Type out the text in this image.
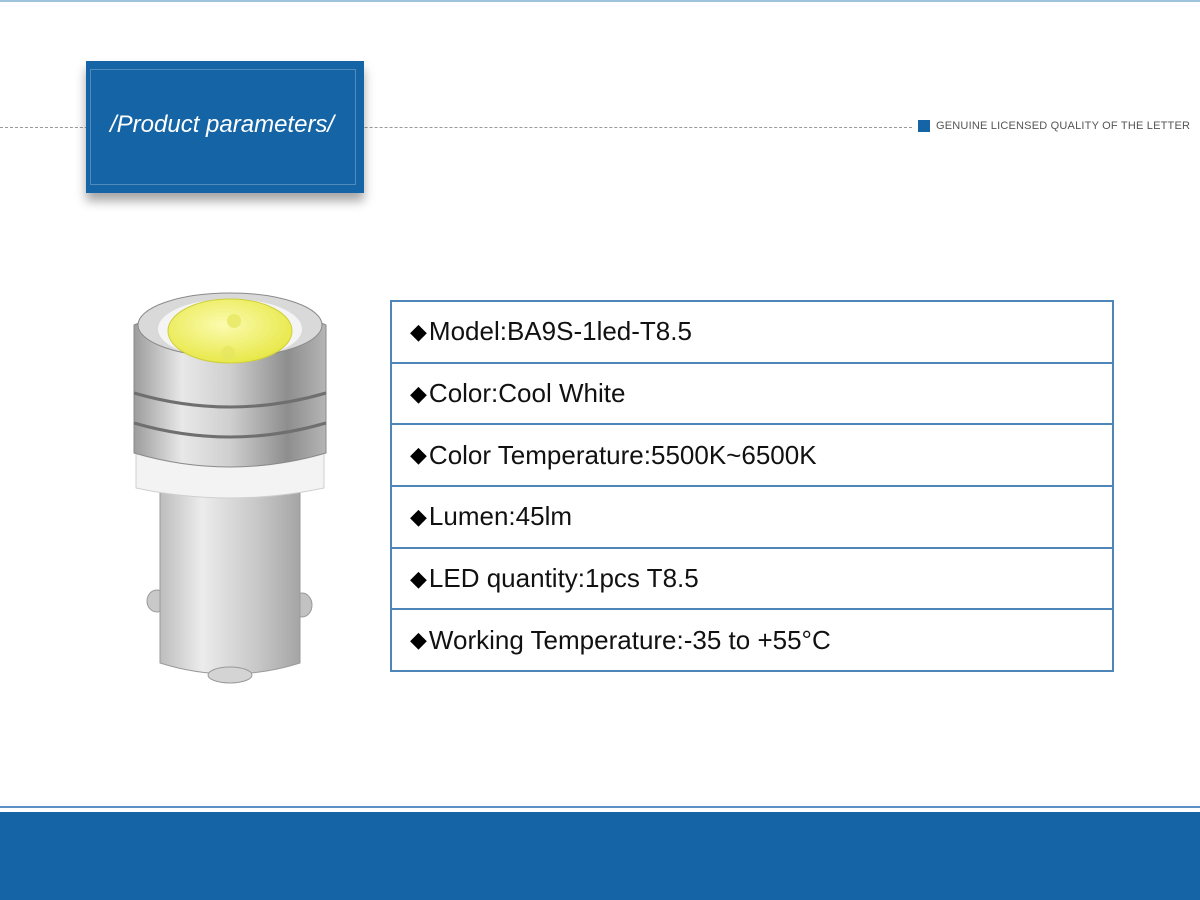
/Product parameters/	GENUINE LICENSED QUALITY OF THE LETTER
◆ Model:BA9S-1led-T8.5
◆ Color:Cool White
◆ Color Temperature:5500K~6500K
◆ Lumen:45lm
◆ LED quantity:1pcs T8.5
◆ Working Temperature:-35 to +55°C
